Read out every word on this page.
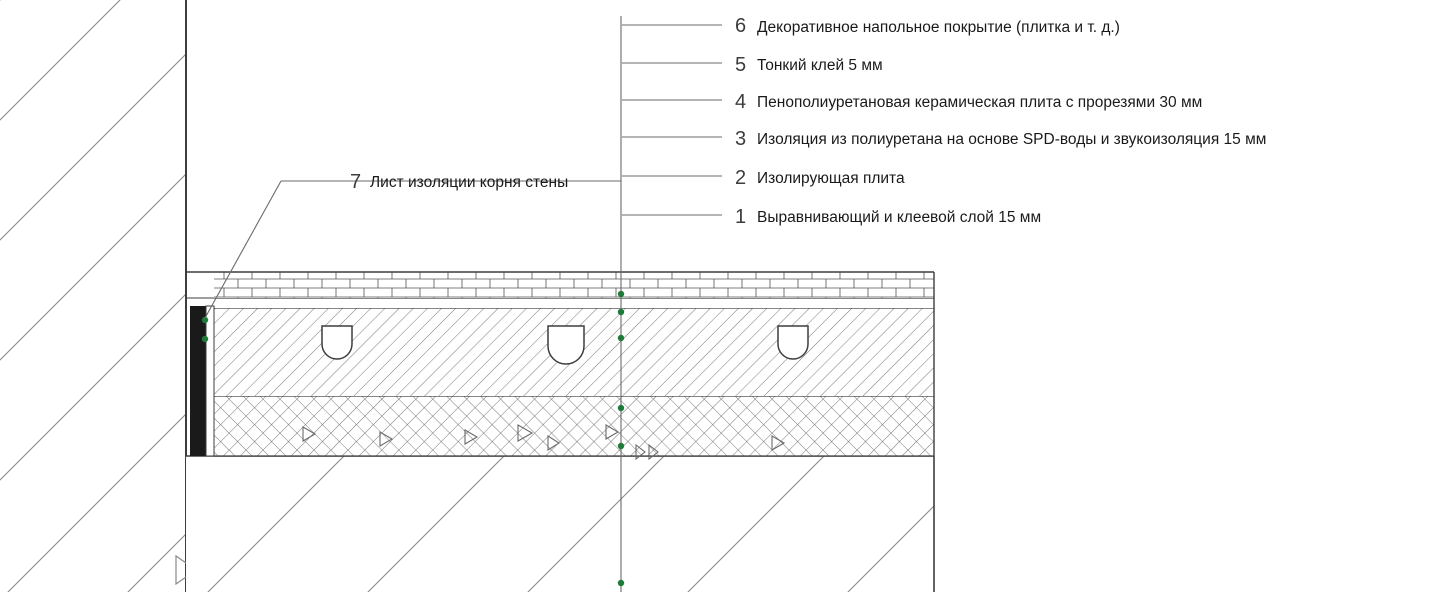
6 Декоративное напольное покрытие (плитка и т. д.)
5 Тонкий клей 5 мм
4 Пенополиуретановая керамическая плита с прорезями 30 мм
3 Изоляция из полиуретана на основе SPD-воды и звукоизоляция 15 мм
2 Изолирующая плита
1 Выравнивающий и клеевой слой 15 мм
7 Лист изоляции корня стены
